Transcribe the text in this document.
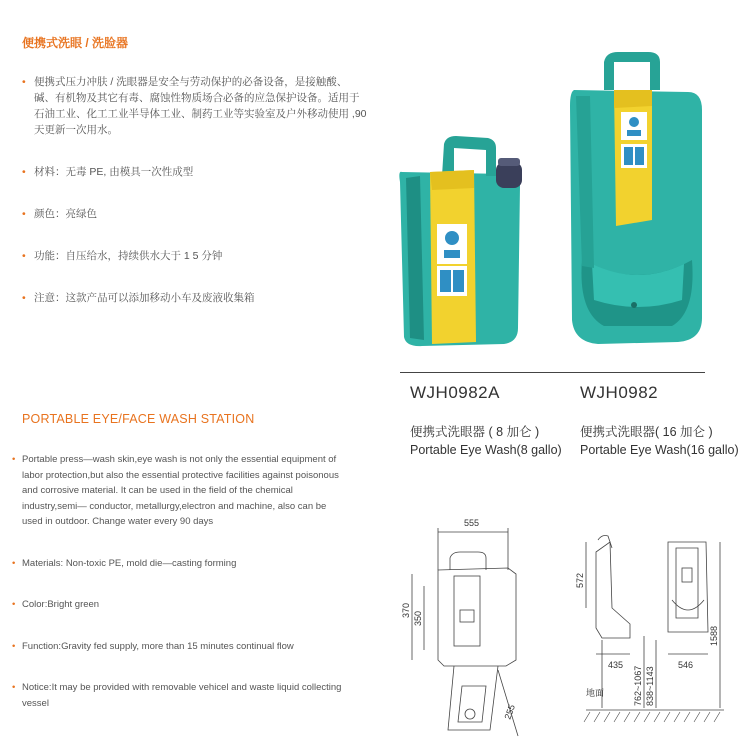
便携式洗眼 / 洗脸器
• 便携式压力冲肤 / 洗眼器是安全与劳动保护的必备设备，是接触酸、碱、有机物及其它有毒、腐蚀性物质场合必备的应急保护设备。适用于石油工业、化工工业半导体工业、制药工业等实验室及户外移动使用 ,90 天更新一次用水。
• 材料：无毒 PE, 由模具一次性成型
• 颜色：亮绿色
• 功能：自压给水，持续供水大于 1 5 分钟
• 注意：这款产品可以添加移动小车及废液收集箱
PORTABLE EYE/FACE WASH STATION
• Portable press—wash skin,eye wash is not only the essential equipment of labor protection,but also the essential protective facilities against poisonous and corrosive material. It can be used in the field of the chemical industry,semi— conductor, metallurgy,electron and machine, also can be used in outdoor. Change water every 90 days
• Materials: Non-toxic PE, mold die—casting forming
• Color:Bright green
• Function:Gravity fed supply, more than 15 minutes continual flow
• Notice:It may be provided with removable vehicel and waste liquid collecting vessel
WJH0982A
便携式洗眼器 ( 8 加仑 )
Portable Eye Wash(8 gallo)
WJH0982
便携式洗眼器( 16 加仑 )
Portable Eye Wash(16 gallo)
555
370
350
255
572
1588
435	546
762~1067 838~1143
地面
